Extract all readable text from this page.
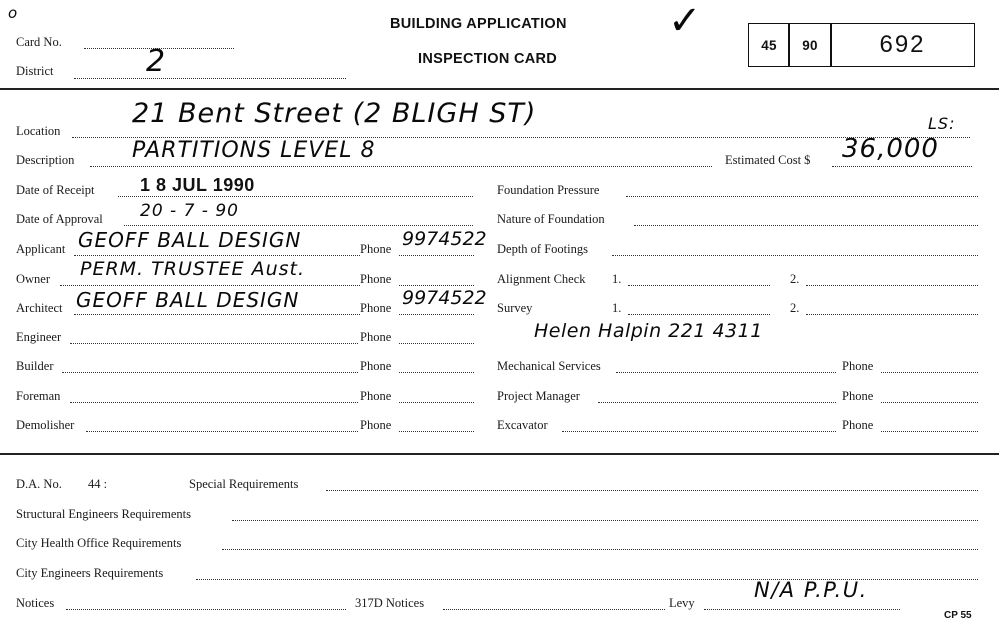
o
Card No.
District	2
BUILDING APPLICATION
INSPECTION CARD
✓
45 90	692
Location
21 Bent Street (2 BLIGH ST)	LS:
Description	PARTITIONS LEVEL 8	Estimated Cost $ 36,000
Date of Receipt	1 8 JUL 1990
Date of Approval 20 - 7 - 90
Applicant GEOFF BALL DESIGN	Phone 9974522
Owner PERM. TRUSTEE Aust.	Phone
Architect GEOFF BALL DESIGN	Phone 9974522
Engineer	Phone
Builder	Phone
Foreman	Phone
Demolisher	Phone
Foundation Pressure
Nature of Foundation
Depth of Footings
Alignment Check 1.	2.
Survey	1.	2.
Helen Halpin 221 4311
Mechanical Services	Phone
Project Manager	Phone
Excavator	Phone
D.A. No. 44 :	Special Requirements
Structural Engineers Requirements
City Health Office Requirements
City Engineers Requirements
Notices	317D Notices	Levy
N/A P.P.U.
CP 55
